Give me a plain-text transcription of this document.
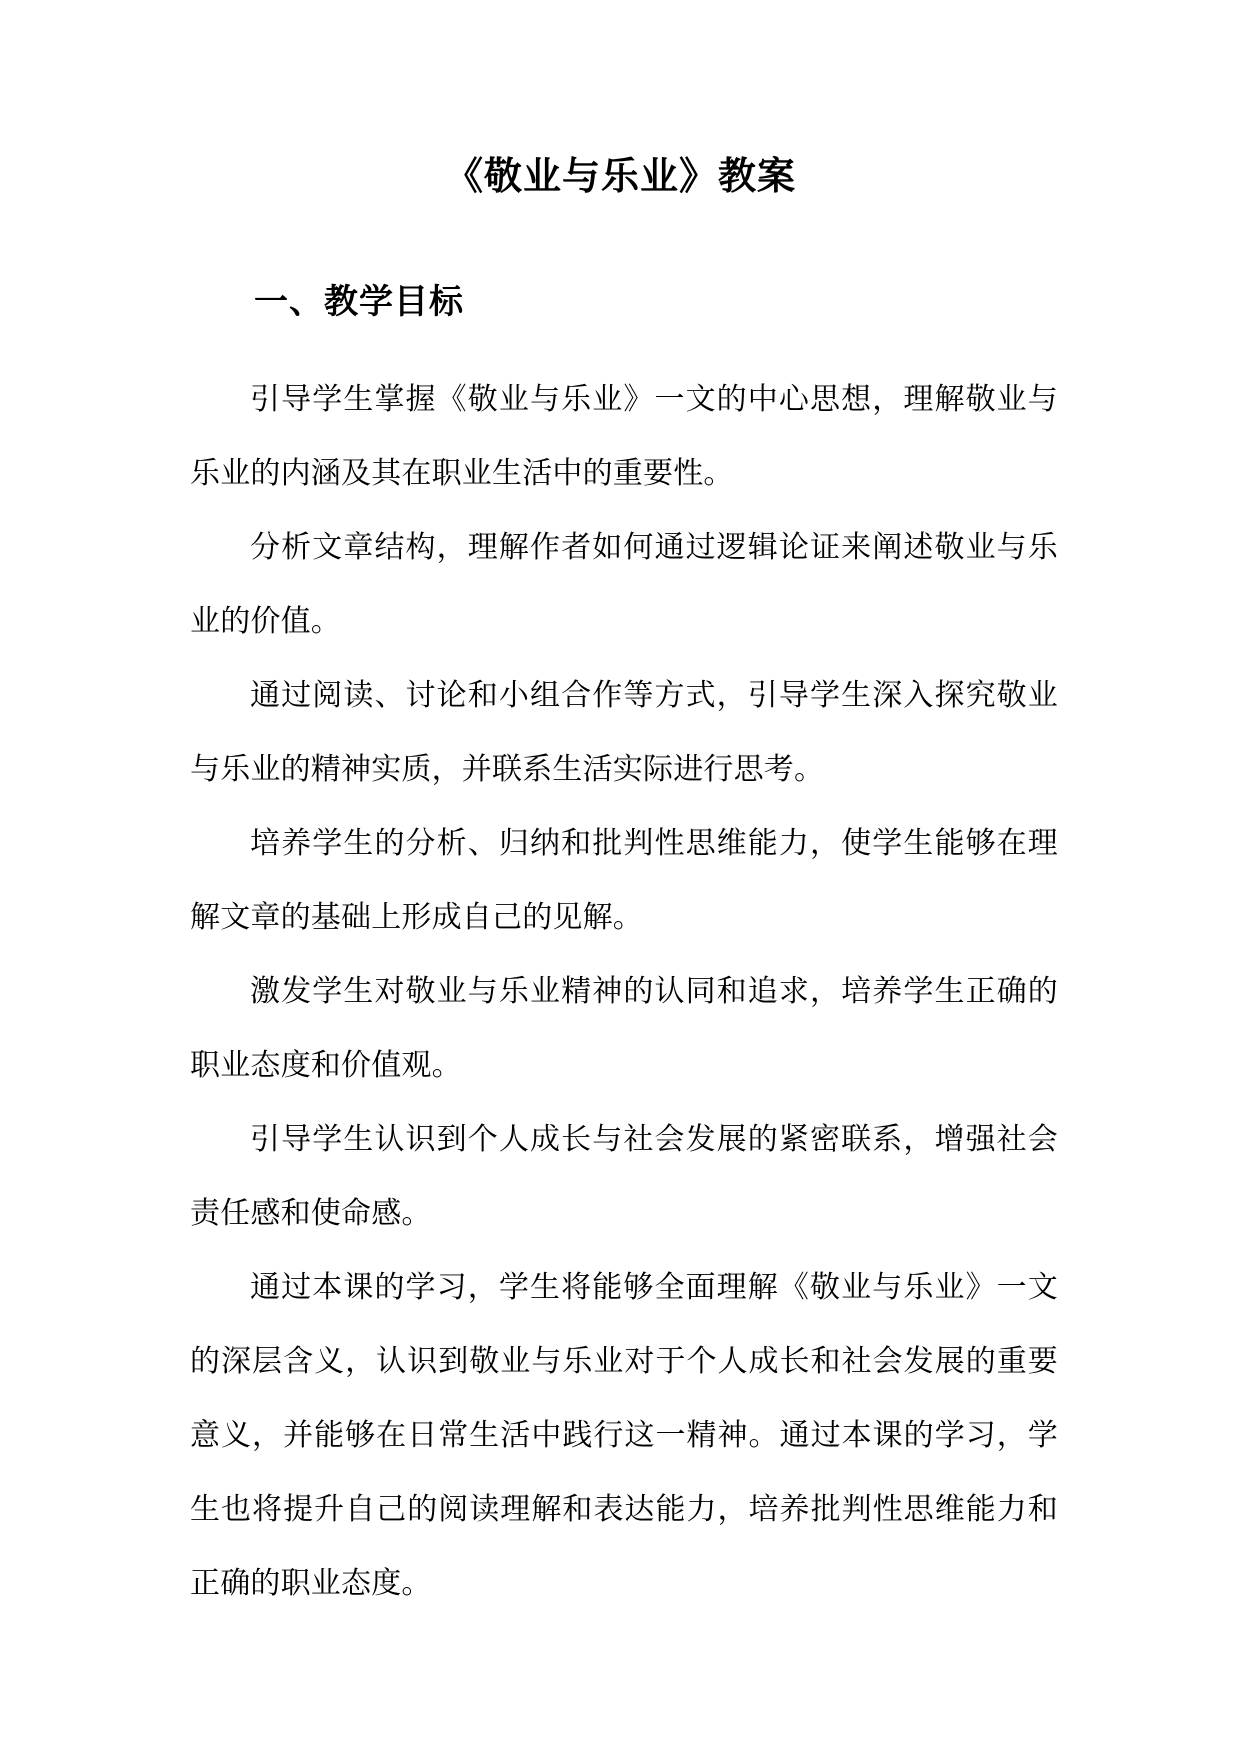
《敬业与乐业》教案
一、教学目标

引导学生掌握《敬业与乐业》一文的中心思想，理解敬业与乐业的内涵及其在职业生活中的重要性。

分析文章结构，理解作者如何通过逻辑论证来阐述敬业与乐业的价值。

通过阅读、讨论和小组合作等方式，引导学生深入探究敬业与乐业的精神实质，并联系生活实际进行思考。

培养学生的分析、归纳和批判性思维能力，使学生能够在理解文章的基础上形成自己的见解。

激发学生对敬业与乐业精神的认同和追求，培养学生正确的职业态度和价值观。

引导学生认识到个人成长与社会发展的紧密联系，增强社会责任感和使命感。

通过本课的学习，学生将能够全面理解《敬业与乐业》一文的深层含义，认识到敬业与乐业对于个人成长和社会发展的重要意义，并能够在日常生活中践行这一精神。通过本课的学习，学生也将提升自己的阅读理解和表达能力，培养批判性思维能力和正确的职业态度。
